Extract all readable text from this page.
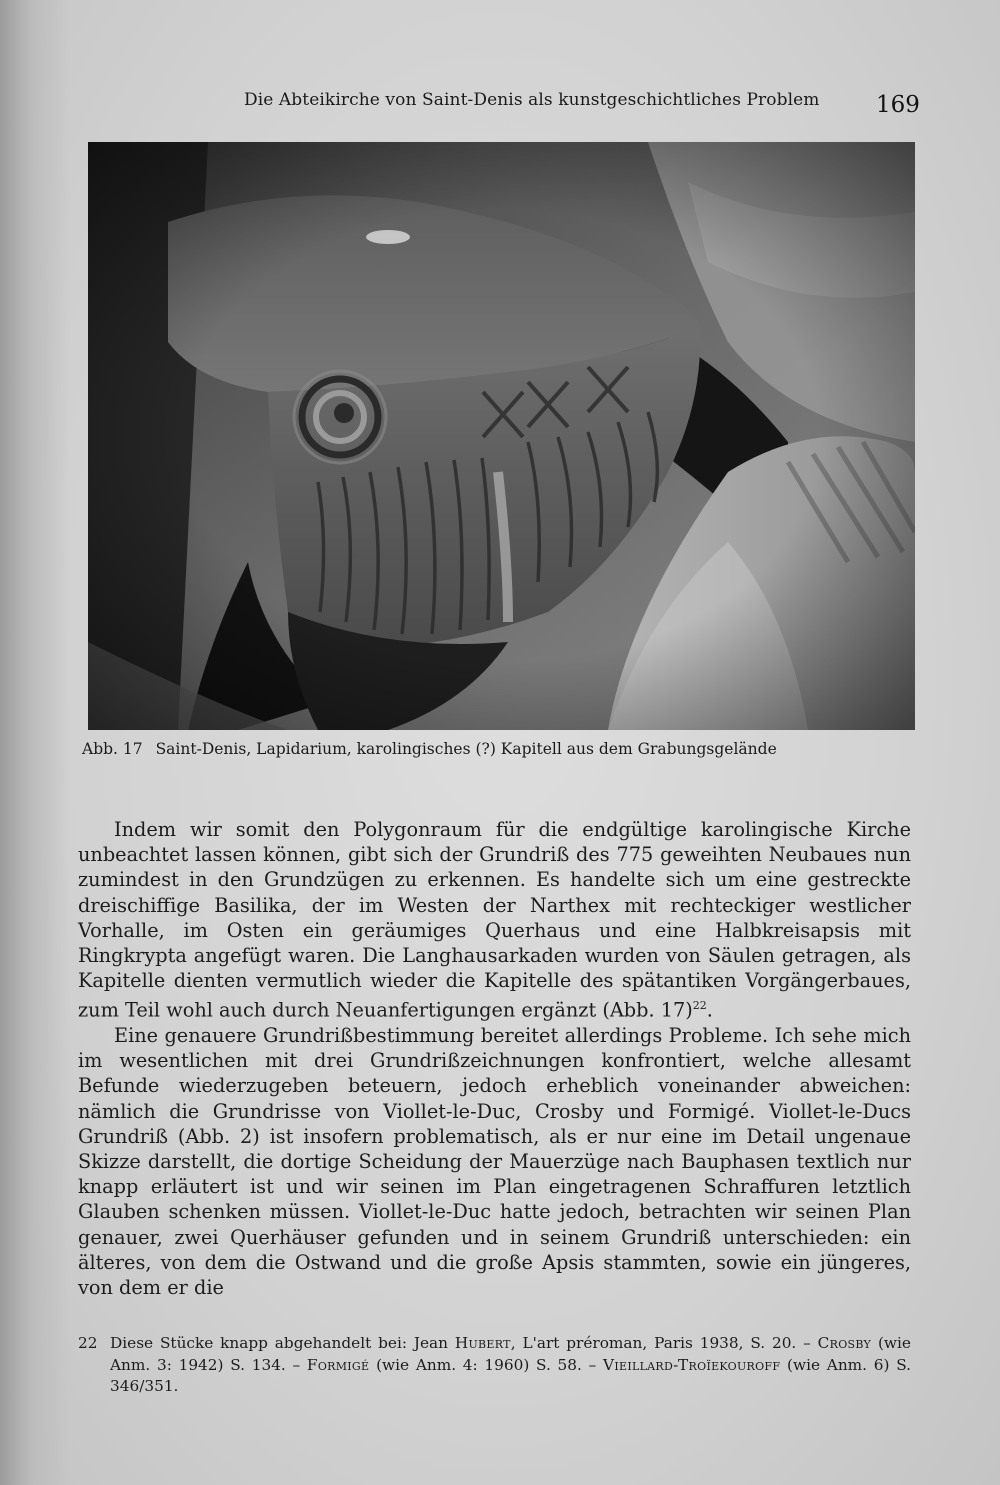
Die Abteikirche von Saint-Denis als kunstgeschichtliches Problem 169
Abb. 17 Saint-Denis, Lapidarium, karolingisches (?) Kapitell aus dem Grabungsgelände

Indem wir somit den Polygonraum für die endgültige karolingische Kirche unbeachtet lassen können, gibt sich der Grundriß des 775 geweihten Neubaues nun zumindest in den Grundzügen zu erkennen. Es handelte sich um eine gestreckte dreischiffige Basilika, der im Westen der Narthex mit rechteckiger westlicher Vorhalle, im Osten ein geräumiges Querhaus und eine Halbkreisapsis mit Ringkrypta angefügt waren. Die Langhausarkaden wurden von Säulen getragen, als Kapitelle dienten vermutlich wieder die Kapitelle des spätantiken Vorgängerbaues, zum Teil wohl auch durch Neuanfertigungen ergänzt (Abb. 17)$^{22}$.

Eine genauere Grundrißbestimmung bereitet allerdings Probleme. Ich sehe mich im wesentlichen mit drei Grundrißzeichnungen konfrontiert, welche allesamt Befunde wiederzugeben beteuern, jedoch erheblich voneinander abweichen: nämlich die Grundrisse von Viollet-le-Duc, Crosby und Formigé. Viollet-le-Ducs Grundriß (Abb. 2) ist insofern problematisch, als er nur eine im Detail ungenaue Skizze darstellt, die dortige Scheidung der Mauerzüge nach Bauphasen textlich nur knapp erläutert ist und wir seinen im Plan eingetragenen Schraffuren letztlich Glauben schenken müssen. Viollet-le-Duc hatte jedoch, betrachten wir seinen Plan genauer, zwei Querhäuser gefunden und in seinem Grundriß unterschieden: ein älteres, von dem die Ostwand und die große Apsis stammten, sowie ein jüngeres, von dem er die

22 Diese Stücke knapp abgehandelt bei: Jean Hubert, L'art préroman, Paris 1938, S. 20. – Crosby (wie Anm. 3: 1942) S. 134. – Formigé (wie Anm. 4: 1960) S. 58. – Vieillard-Troïekouroff (wie Anm. 6) S. 346/351.
